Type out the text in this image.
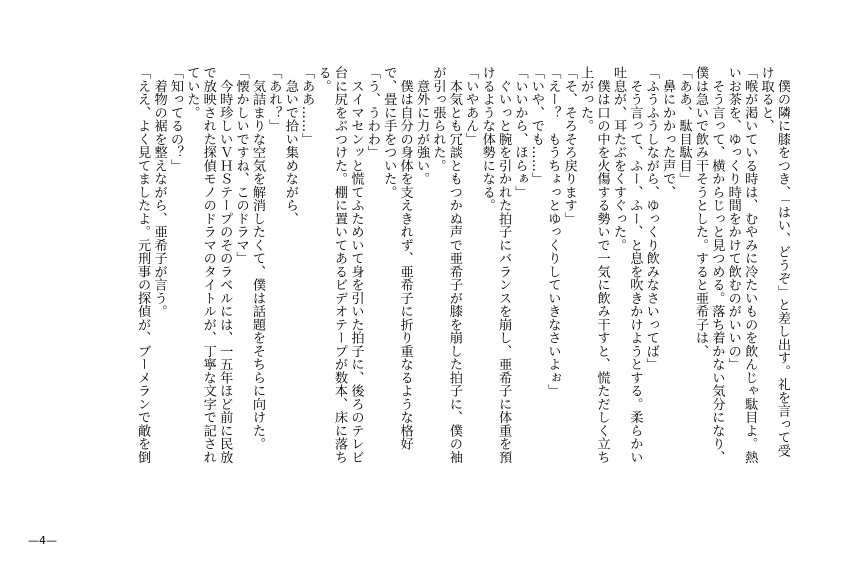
　僕の隣に膝をつき、「はい、どうぞ」と差し出す。礼を言って受
け取ると、
「喉が渇いている時は、むやみに冷たいものを飲んじゃ駄目よ。熱
いお茶を、ゆっくり時間をかけて飲むのがいいの」
　そう言って、横からじっと見つめる。落ち着かない気分になり、
僕は急いで飲み干そうとした。すると亜希子は、
「ああ、駄目駄目」
　鼻にかかった声で、
「ふうふうしながら、ゆっくり飲みなさいってば」
　そう言って、ふー、ふー、と息を吹きかけようとする。柔らかい
吐息が、耳たぶをくすぐった。
　僕は口の中を火傷する勢いで一気に飲み干すと、慌ただしく立ち
上がった。
「そ、そろそろ戻ります」
「えー？　もうちょっとゆっくりしていきなさいよぉ」
「いや、でも……」
「いいから、ほらぁ」
　ぐいっと腕を引かれた拍子にバランスを崩し、亜希子に体重を預
けるような体勢になる。
「いやあん」
　本気とも冗談ともつかぬ声で亜希子が膝を崩した拍子に、僕の袖
が引っ張られた。
　意外に力が強い。
　僕は自分の身体を支えきれず、亜希子に折り重なるような格好
で、畳に手をついた。
「う、うわわ」
　スイマセンッと慌てふためいて身を引いた拍子に、後ろのテレビ
台に尻をぶつけた。棚に置いてあるビデオテープが数本、床に落ち
る。
「ああ……」
　急いで拾い集めながら、
「あれ？」
　気詰まりな空気を解消したくて、僕は話題をそちらに向けた。
「懐かしいですね、このドラマ」
　今時珍しいＶＨＳテープのそのラベルには、一五年ほど前に民放
で放映された探偵モノのドラマのタイトルが、丁寧な文字で記され
ていた。
「知ってるの？」
　着物の裾を整えながら、亜希子が言う。
「ええ、よく見てましたよ。元刑事の探偵が、ブーメランで敵を倒
—4—
